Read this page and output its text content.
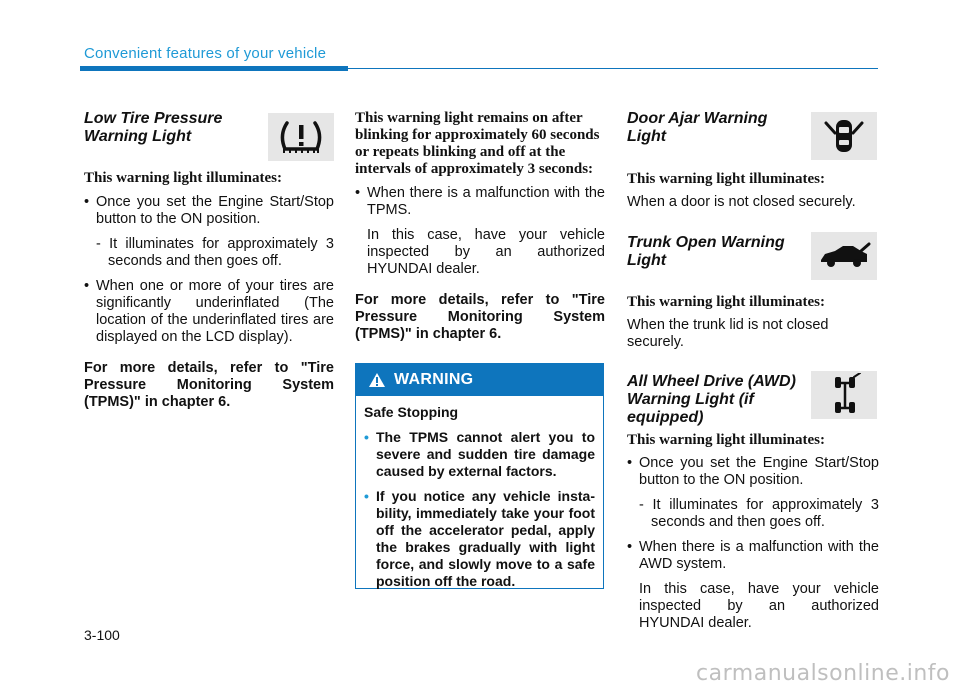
Convenient features of your vehicle
Low Tire Pressure Warning Light

This warning light illuminates:

• Once you set the Engine Start/Stop button to the ON position.

- It illuminates for approximately 3 seconds and then goes off.

• When one or more of your tires are significantly underinflated (The location of the underinflated tires are displayed on the LCD display).

For more details, refer to "Tire Pressure Monitoring System (TPMS)" in chapter 6.

This warning light remains on after blinking for approximately 60 seconds or repeats blinking and off at the intervals of approximately 3 seconds:

• When there is a malfunction with the TPMS.

In this case, have your vehicle inspected by an authorized HYUNDAI dealer.

For more details, refer to "Tire Pressure Monitoring System (TPMS)" in chapter 6.

WARNING

Safe Stopping

• The TPMS cannot alert you to severe and sudden tire damage caused by external factors.

• If you notice any vehicle instability, immediately take your foot off the accelerator pedal, apply the brakes gradually with light force, and slowly move to a safe position off the road.

Door Ajar Warning Light

This warning light illuminates:

When a door is not closed securely.

Trunk Open Warning Light

This warning light illuminates:

When the trunk lid is not closed securely.

All Wheel Drive (AWD) Warning Light (if equipped)

This warning light illuminates:

• Once you set the Engine Start/Stop button to the ON position.

- It illuminates for approximately 3 seconds and then goes off.

• When there is a malfunction with the AWD system.

In this case, have your vehicle inspected by an authorized HYUNDAI dealer.

3-100
carmanualsonline.info
